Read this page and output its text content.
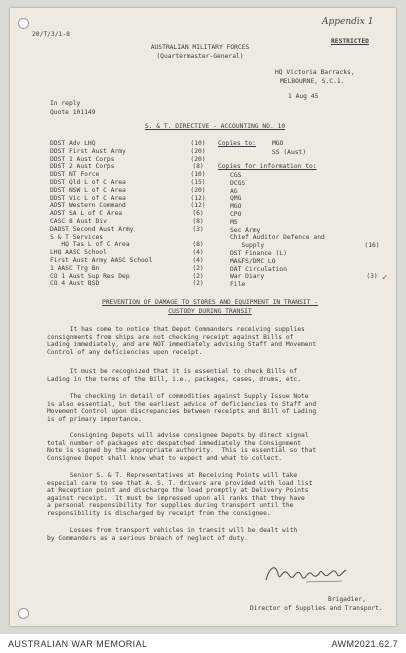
20/T/3/1-8
Appendix 1
RESTRICTED
AUSTRALIAN MILITARY FORCES
(Quartermaster-General)
HQ Victoria Barracks,
MELBOURNE, S.C.1.
1 Aug 45
In reply
Quote 101149
S. & T. DIRECTIVE - ACCOUNTING NO. 10
DDST Adv LHQ
DDST First Aust Army
DDST 1 Aust Corps
DDST 2 Aust Corps
DDST NT Force
DDST Qld L of C Area
DDST NSW L of C Area
DDST Vic L of C Area
ADST Western Command
ADST SA L of C Area
CASC 8 Aust Div
DADST Second Aust Army
S & T Services
HQ Tas L of C Area
LHQ AASC School
First Aust Army AASC School
1 AASC Trg Bn
CO 1 Aust Sup Res Dep
CO 4 Aust BSD
(10)
(20)
(20)
(8)
(10)
(15)
(20)
(12)
(12)
(6)
(8)
(3)

(8)
(4)
(4)
(2)
(2)
(2)
Copies to:	MGO
SS (Aust)
Copies for information to:
CGS
DCGS
AG
QMG
MGO
CPO
MS
Sec Army
Chief Auditor Defence and
Supply
DST Finance (L)
MA&FS/DMC LO
DAT Circulation
War Diary
File

(16)

(3)
✓
PREVENTION OF DAMAGE TO STORES AND EQUIPMENT IN TRANSIT -
CUSTODY DURING TRANSIT
It has come to notice that Depot Commanders receiving supplies
consignments from ships are not checking receipt against Bills of
Lading immediately, and are NOT immediately advising Staff and Movement
Control of any deficiencies upon receipt.
It must be recognized that it is essential to check Bills of
Lading in the terms of the Bill, i.e., packages, cases, drums, etc.
The checking in detail of commodities against Supply Issue Note
is also essential, but the earliest advice of deficiencies to Staff and
Movement Control upon discrepancies between receipts and Bill of Lading
is of primary importance.
Consigning Depots will advise consignee Depots by direct signal
total number of packages etc despatched immediately the Consignment
Note is signed by the appropriate authority.  This is essential so that
Consignee Depot shall know what to expect and what to collect.
Senior S. & T. Representatives at Receiving Points will take
especial care to see that A. S. T. drivers are provided with load list
at Reception point and discharge the load promptly at Delivery Points
against receipt.  It must be impressed upon all ranks that they have
a personal responsibility for supplies during transport until the
responsibility is discharged by receipt from the consignee.
Losses from transport vehicles in transit will be dealt with
by Commanders as a serious breach of neglect of duty.
Brigadier,
Director of Supplies and Transport.
AUSTRALIAN WAR MEMORIAL	AWM2021.62.7
